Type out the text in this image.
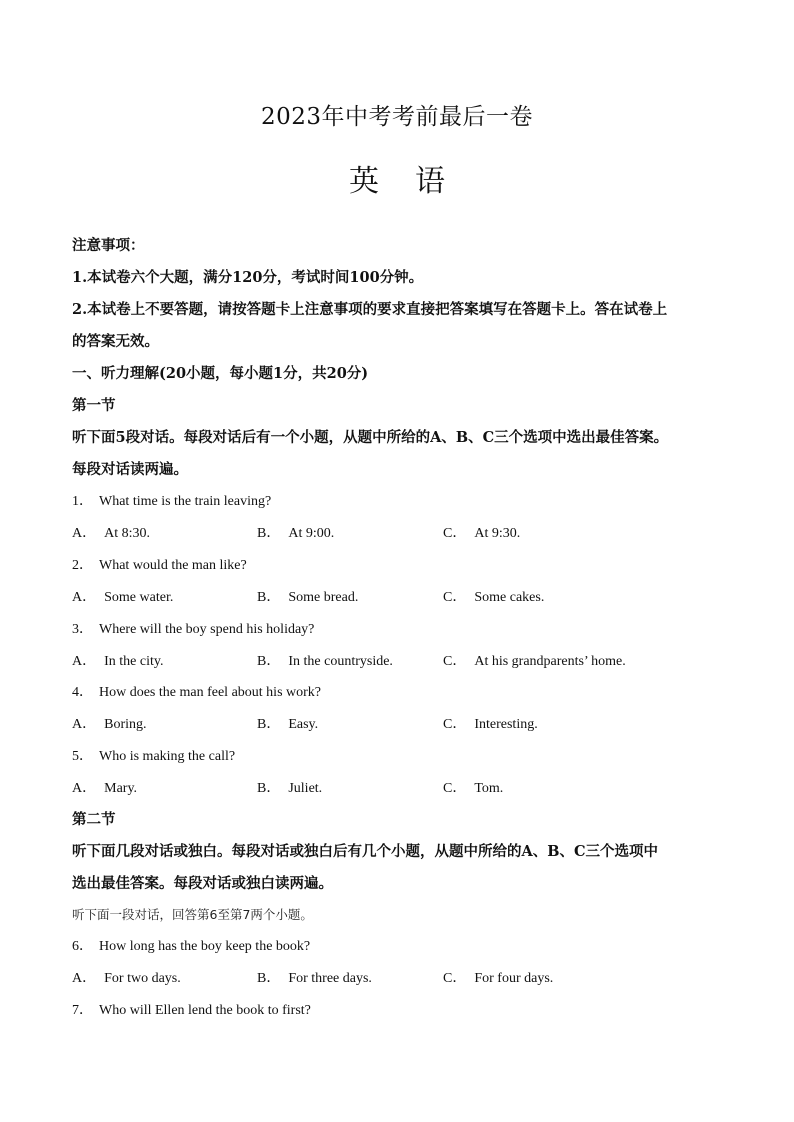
2023年中考考前最后一卷
英语
注意事项：
1.本试卷六个大题，满分120分，考试时间100分钟。
2.本试卷上不要答题，请按答题卡上注意事项的要求直接把答案填写在答题卡上。答在试卷上
的答案无效。
一、听力理解(20小题，每小题1分，共20分)
第一节
听下面5段对话。每段对话后有一个小题，从题中所给的A、B、C三个选项中选出最佳答案。
每段对话读两遍。
1． What time is the train leaving?
A． At 8:30.	B． At 9:00.	C． At 9:30.
2． What would the man like?
A． Some water.	B． Some bread.	C． Some cakes.
3． Where will the boy spend his holiday?
A． In the city.	B． In the countryside.	C． At his grandparents’ home.
4． How does the man feel about his work?
A． Boring.	B． Easy.	C． Interesting.
5． Who is making the call?
A． Mary.	B． Juliet.	C． Tom.
第二节
听下面几段对话或独白。每段对话或独白后有几个小题，从题中所给的A、B、C三个选项中
选出最佳答案。每段对话或独白读两遍。
听下面一段对话，回答第6至第7两个小题。
6． How long has the boy keep the book?
A． For two days.	B． For three days.	C． For four days.
7． Who will Ellen lend the book to first?
